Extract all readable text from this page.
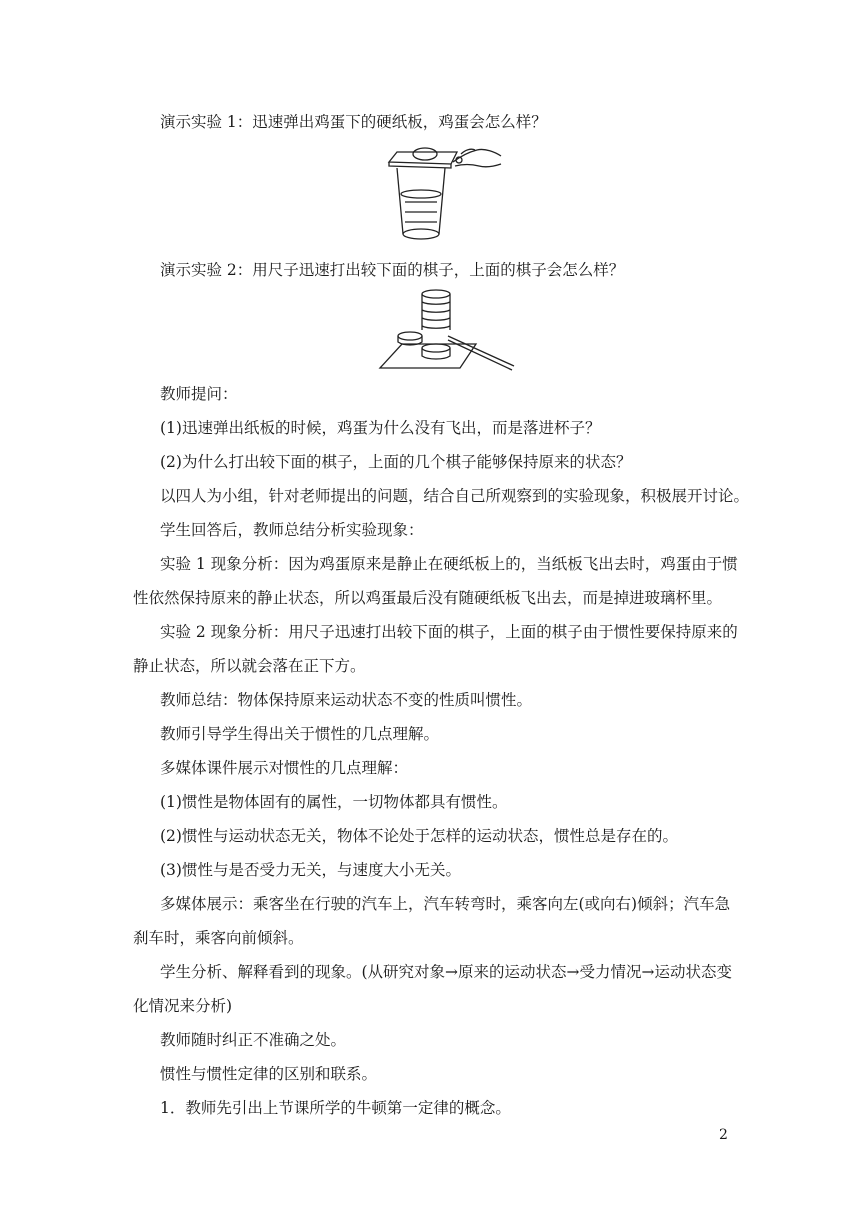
演示实验 1：迅速弹出鸡蛋下的硬纸板，鸡蛋会怎么样？
演示实验 2：用尺子迅速打出较下面的棋子，上面的棋子会怎么样？
教师提问：
(1)迅速弹出纸板的时候，鸡蛋为什么没有飞出，而是落进杯子？
(2)为什么打出较下面的棋子，上面的几个棋子能够保持原来的状态？
以四人为小组，针对老师提出的问题，结合自己所观察到的实验现象，积极展开讨论。
学生回答后，教师总结分析实验现象：
实验 1 现象分析：因为鸡蛋原来是静止在硬纸板上的，当纸板飞出去时，鸡蛋由于惯性依然保持原来的静止状态，所以鸡蛋最后没有随硬纸板飞出去，而是掉进玻璃杯里。
实验 2 现象分析：用尺子迅速打出较下面的棋子，上面的棋子由于惯性要保持原来的静止状态，所以就会落在正下方。
教师总结：物体保持原来运动状态不变的性质叫惯性。
教师引导学生得出关于惯性的几点理解。
多媒体课件展示对惯性的几点理解：
(1)惯性是物体固有的属性，一切物体都具有惯性。
(2)惯性与运动状态无关，物体不论处于怎样的运动状态，惯性总是存在的。
(3)惯性与是否受力无关，与速度大小无关。
多媒体展示：乘客坐在行驶的汽车上，汽车转弯时，乘客向左(或向右)倾斜；汽车急刹车时，乘客向前倾斜。
学生分析、解释看到的现象。(从研究对象→原来的运动状态→受力情况→运动状态变化情况来分析)
教师随时纠正不准确之处。
惯性与惯性定律的区别和联系。
1．教师先引出上节课所学的牛顿第一定律的概念。
2
